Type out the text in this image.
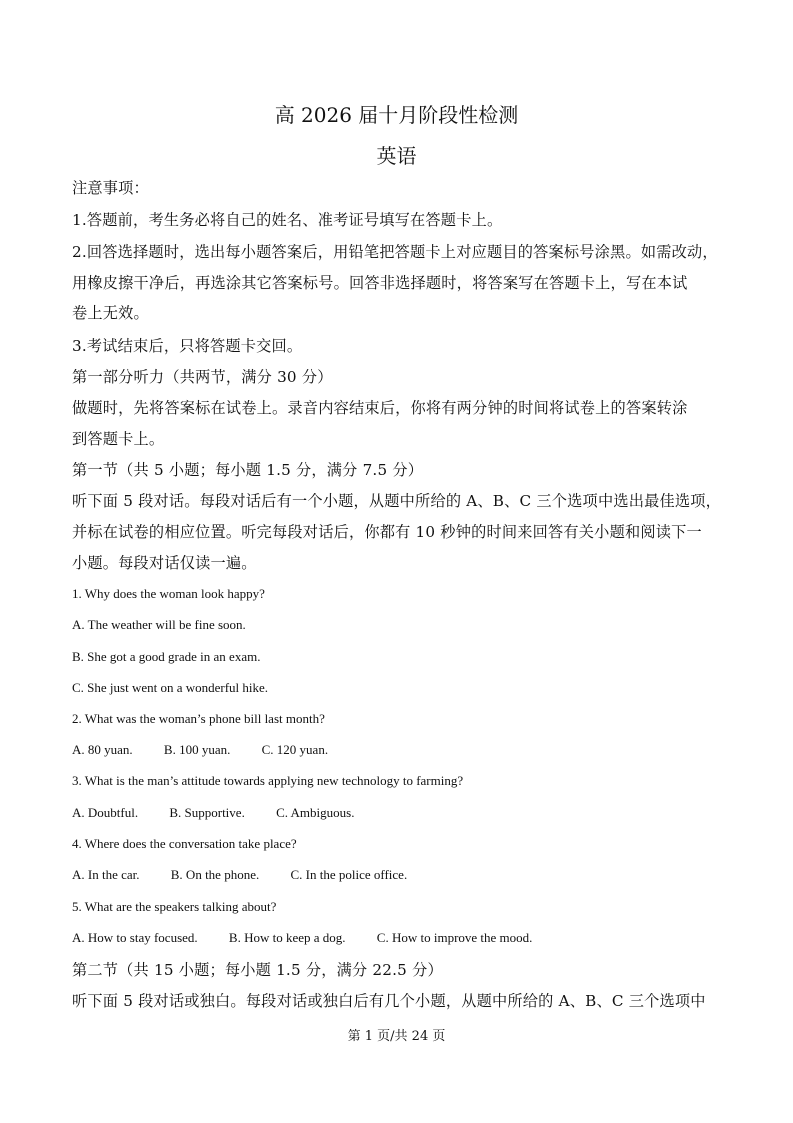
高 2026 届十月阶段性检测
英语
注意事项：
1.答题前，考生务必将自己的姓名、准考证号填写在答题卡上。
2.回答选择题时，选出每小题答案后，用铅笔把答题卡上对应题目的答案标号涂黑。如需改动，
用橡皮擦干净后，再选涂其它答案标号。回答非选择题时，将答案写在答题卡上，写在本试
卷上无效。
3.考试结束后，只将答题卡交回。
第一部分听力（共两节，满分 30 分）
做题时，先将答案标在试卷上。录音内容结束后，你将有两分钟的时间将试卷上的答案转涂
到答题卡上。
第一节（共 5 小题；每小题 1.5 分，满分 7.5 分）
听下面 5 段对话。每段对话后有一个小题，从题中所给的 A、B、C 三个选项中选出最佳选项，
并标在试卷的相应位置。听完每段对话后，你都有 10 秒钟的时间来回答有关小题和阅读下一
小题。每段对话仅读一遍。
1. Why does the woman look happy?
A. The weather will be fine soon.
B. She got a good grade in an exam.
C. She just went on a wonderful hike.
2. What was the woman’s phone bill last month?
A. 80 yuan. B. 100 yuan. C. 120 yuan.
3. What is the man’s attitude towards applying new technology to farming?
A. Doubtful. B. Supportive. C. Ambiguous.
4. Where does the conversation take place?
A. In the car. B. On the phone. C. In the police office.
5. What are the speakers talking about?
A. How to stay focused. B. How to keep a dog. C. How to improve the mood.
第二节（共 15 小题；每小题 1.5 分，满分 22.5 分）
听下面 5 段对话或独白。每段对话或独白后有几个小题，从题中所给的 A、B、C 三个选项中
第 1 页/共 24 页
